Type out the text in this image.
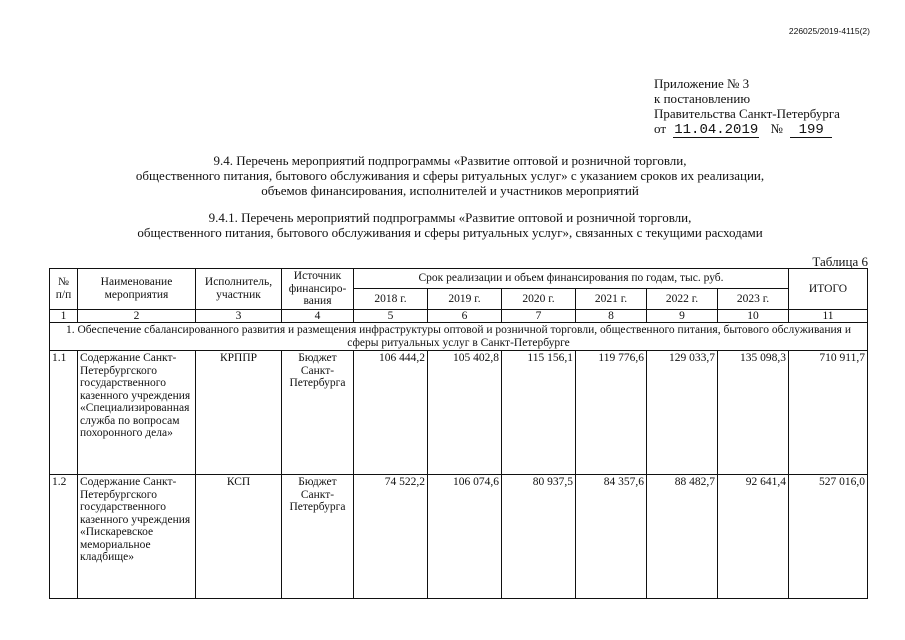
226025/2019-4115(2)
Приложение № 3
к постановлению
Правительства Санкт-Петербурга
от 11.04.2019 № 199
9.4. Перечень мероприятий подпрограммы «Развитие оптовой и розничной торговли,
общественного питания, бытового обслуживания и сферы ритуальных услуг» с указанием сроков их реализации,
объемов финансирования, исполнителей и участников мероприятий
9.4.1. Перечень мероприятий подпрограммы «Развитие оптовой и розничной торговли,
общественного питания, бытового обслуживания и сферы ритуальных услуг», связанных с текущими расходами
Таблица 6
№ п/п	Наименование мероприятия	Исполнитель, участник	Источник финансиро-вания	Срок реализации и объем финансирования по годам, тыс. руб.						ИТОГО
				2018 г.	2019 г.	2020 г.	2021 г.	2022 г.	2023 г.	
1	2	3	4	5	6	7	8	9	10	11
1. Обеспечение сбалансированного развития и размещения инфраструктуры оптовой и розничной торговли, общественного питания, бытового обслуживания и сферы ритуальных услуг в Санкт-Петербурге										
1.1	Содержание Санкт-Петербургского государственного казенного учреждения «Специализированная служба по вопросам похоронного дела»	КРППР	Бюджет Санкт-Петербурга	106 444,2	105 402,8	115 156,1	119 776,6	129 033,7	135 098,3	710 911,7
1.2	Содержание Санкт-Петербургского государственного казенного учреждения «Пискаревское мемориальное кладбище»	КСП	Бюджет Санкт-Петербурга	74 522,2	106 074,6	80 937,5	84 357,6	88 482,7	92 641,4	527 016,0
